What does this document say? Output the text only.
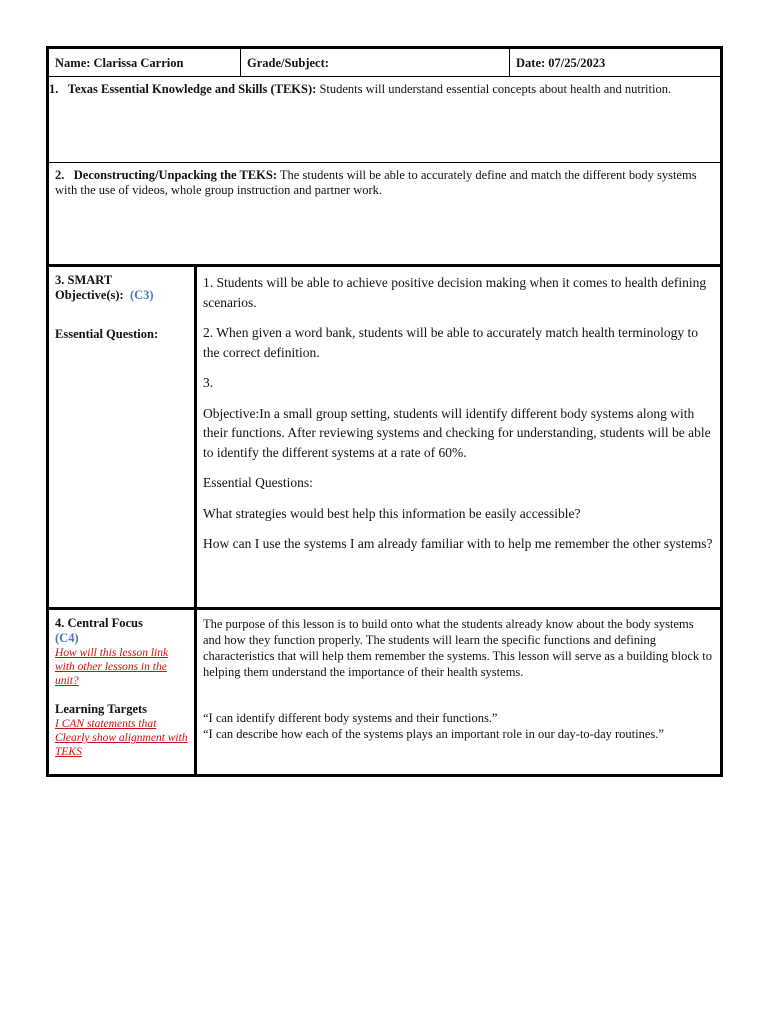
Name: Clarissa Carrion	Grade/Subject:	Date: 07/25/2023
1. Texas Essential Knowledge and Skills (TEKS): Students will understand essential concepts about health and nutrition.
2. Deconstructing/Unpacking the TEKS: The students will be able to accurately define and match the different body systems with the use of videos, whole group instruction and partner work.
3. SMART
Objective(s): (C3)
Essential Question:

1. Students will be able to achieve positive decision making when it comes to health defining scenarios.

2. When given a word bank, students will be able to accurately match health terminology to the correct definition.

3.

Objective:In a small group setting, students will identify different body systems along with their functions. After reviewing systems and checking for understanding, students will be able to identify the different systems at a rate of 60%.

Essential Questions:

What strategies would best help this information be easily accessible?

How can I use the systems I am already familiar with to help me remember the other systems?

4. Central Focus
(C4)
How will this lesson link with other lessons in the unit?
Learning Targets
I CAN statements that Clearly show alignment with TEKS

The purpose of this lesson is to build onto what the students already know about the body systems and how they function properly. The students will learn the specific functions and defining characteristics that will help them remember the systems. This lesson will serve as a building block to helping them understand the importance of their health systems.

“I can identify different body systems and their functions.”

“I can describe how each of the systems plays an important role in our day-to-day routines.”
